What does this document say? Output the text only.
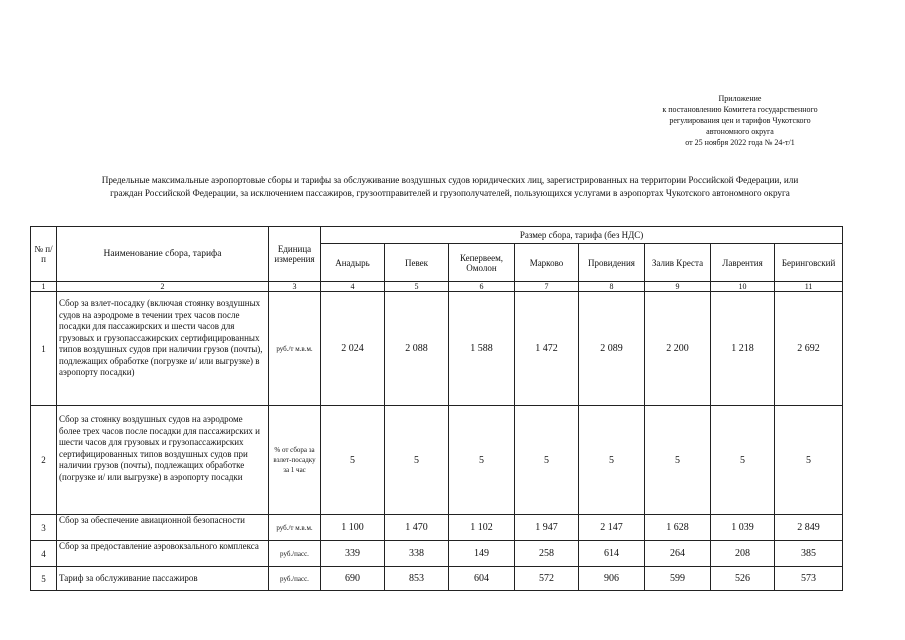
Приложение
к постановлению Комитета государственного
регулирования цен и тарифов Чукотского
автономного округа
от 25 ноября 2022 года № 24-т/1
Предельные максимальные аэропортовые сборы и тарифы за обслуживание воздушных судов юридических лиц, зарегистрированных на территории Российской Федерации, или
граждан Российской Федерации, за исключением пассажиров, грузоотправителей и грузополучателей, пользующихся услугами в аэропортах Чукотского автономного округа
№ п/п	Наименование сбора, тарифа	Единица измерения	Размер сбора, тарифа (без НДС)							
			Анадырь	Певек	Кепервеем, Омолон	Марково	Провидения	Залив Креста	Лаврентия	Беринговский
1	2	3	4	5	6	7	8	9	10	11
1	Сбор за взлет-посадку (включая стоянку воздушных судов на аэродроме в течении трех часов после посадки для пассажирских и шести часов для грузовых и грузопассажирских сертифицированных типов воздушных судов при наличии грузов (почты), подлежащих обработке (погрузке и/ или выгрузке) в аэропорту посадки)	руб./т м.в.м.	2 024	2 088	1 588	1 472	2 089	2 200	1 218	2 692
2	Сбор за стоянку воздушных судов на аэродроме более трех часов после посадки для пассажирских и шести часов для грузовых и грузопассажирских сертифицированных типов воздушных судов при наличии грузов (почты), подлежащих обработке (погрузке и/ или выгрузке) в аэропорту посадки	% от сбора за взлет-посадку за 1 час	5	5	5	5	5	5	5	5
3	Сбор за обеспечение авиационной безопасности	руб./т м.в.м.	1 100	1 470	1 102	1 947	2 147	1 628	1 039	2 849
4	Сбор за предоставление аэровокзального комплекса	руб./пасс.	339	338	149	258	614	264	208	385
5	Тариф за обслуживание пассажиров	руб./пасс.	690	853	604	572	906	599	526	573
